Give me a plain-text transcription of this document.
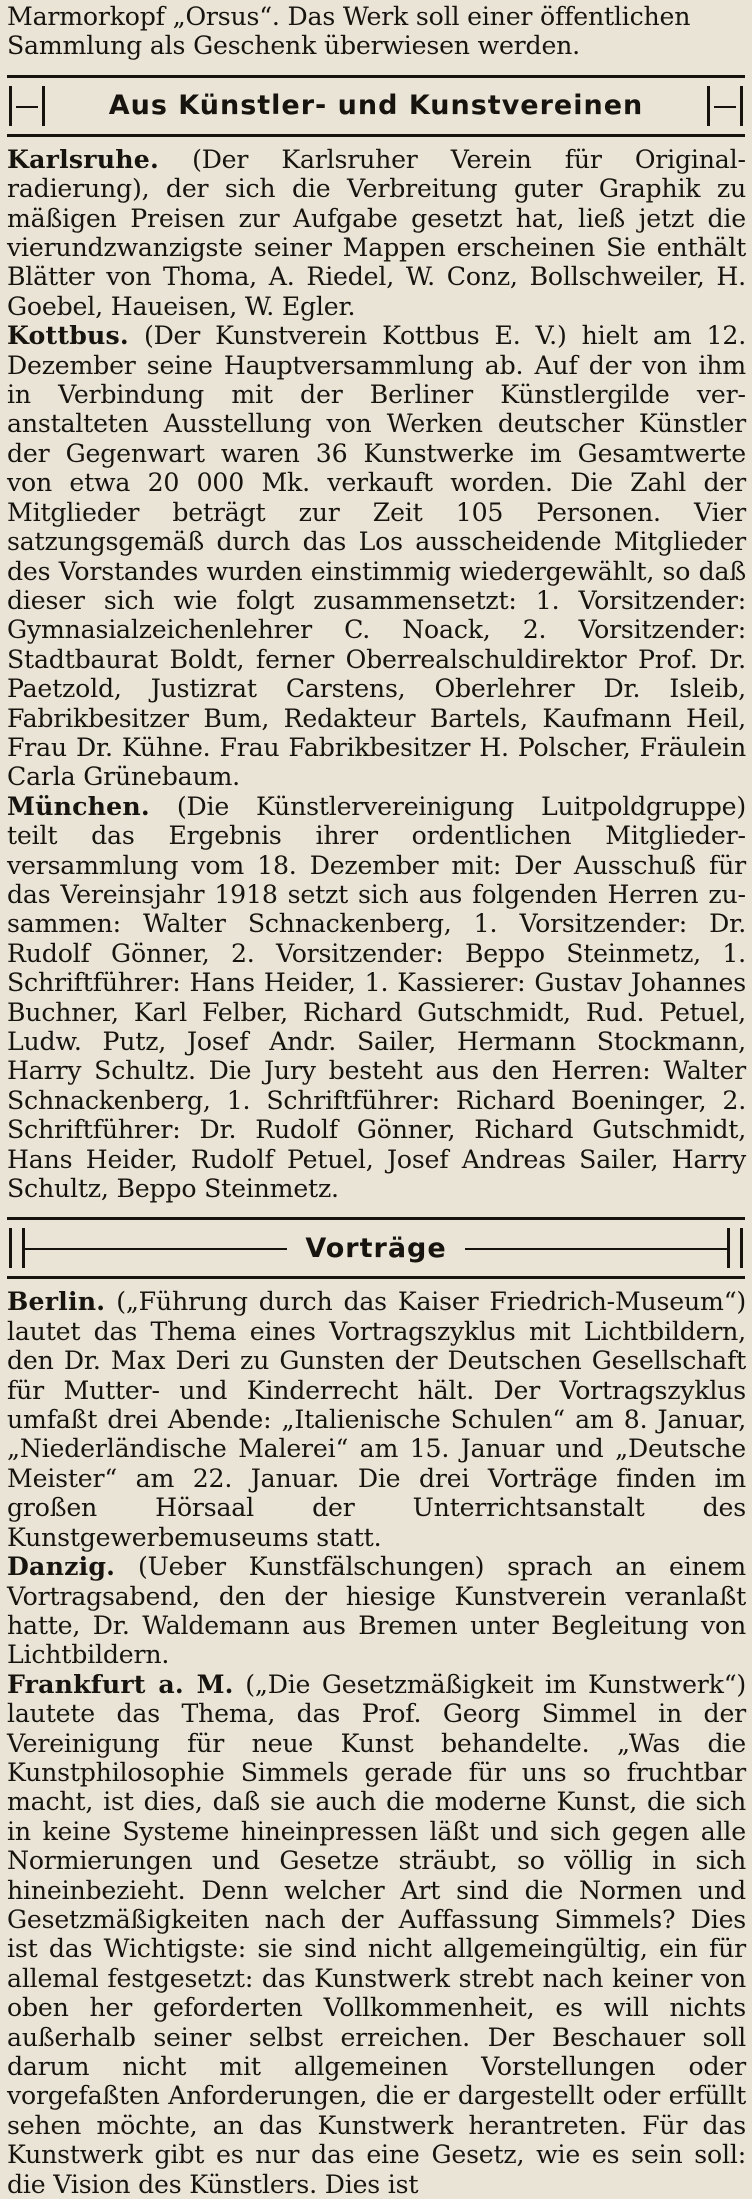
Marmorkopf „Orsus“. Das Werk soll einer öffentlichen
Sammlung als Geschenk überwiesen werden.

Aus Künstler- und Kunstvereinen

Karlsruhe. (Der Karlsruher Verein für Originalradierung), der sich die Verbreitung guter Graphik zu mäßigen Preisen zur Aufgabe gesetzt hat, ließ jetzt die vierundzwanzigste seiner Mappen erscheinen Sie enthält Blätter von Thoma, A. Riedel, W. Conz, Bollschweiler, H. Goebel, Haueisen, W. Egler.

Kottbus. (Der Kunstverein Kottbus E. V.) hielt am 12. Dezember seine Hauptversammlung ab. Auf der von ihm in Verbindung mit der Berliner Künstlergilde veranstalteten Ausstellung von Werken deutscher Künstler der Gegenwart waren 36 Kunstwerke im Gesamtwerte von etwa 20 000 Mk. verkauft worden. Die Zahl der Mitglieder beträgt zur Zeit 105 Personen. Vier satzungsgemäß durch das Los ausscheidende Mitglieder des Vorstandes wurden einstimmig wiedergewählt, so daß dieser sich wie folgt zusammensetzt: 1. Vorsitzender: Gymnasialzeichenlehrer C. Noack, 2. Vorsitzender: Stadtbaurat Boldt, ferner Oberrealschuldirektor Prof. Dr. Paetzold, Justizrat Carstens, Oberlehrer Dr. Isleib, Fabrikbesitzer Bum, Redakteur Bartels, Kaufmann Heil, Frau Dr. Kühne. Frau Fabrikbesitzer H. Polscher, Fräulein Carla Grünebaum.

München. (Die Künstlervereinigung Luitpoldgruppe) teilt das Ergebnis ihrer ordentlichen Mitgliederversammlung vom 18. Dezember mit: Der Ausschuß für das Vereinsjahr 1918 setzt sich aus folgenden Herren zusammen: Walter Schnackenberg, 1. Vorsitzender: Dr. Rudolf Gönner, 2. Vorsitzender: Beppo Steinmetz, 1. Schriftführer: Hans Heider, 1. Kassierer: Gustav Johannes Buchner, Karl Felber, Richard Gutschmidt, Rud. Petuel, Ludw. Putz, Josef Andr. Sailer, Hermann Stockmann, Harry Schultz. Die Jury besteht aus den Herren: Walter Schnackenberg, 1. Schriftführer: Richard Boeninger, 2. Schriftführer: Dr. Rudolf Gönner, Richard Gutschmidt, Hans Heider, Rudolf Petuel, Josef Andreas Sailer, Harry Schultz, Beppo Steinmetz.

Vorträge

Berlin. („Führung durch das Kaiser Friedrich-Museum“) lautet das Thema eines Vortragszyklus mit Lichtbildern, den Dr. Max Deri zu Gunsten der Deutschen Gesellschaft für Mutter- und Kinderrecht hält. Der Vortragszyklus umfaßt drei Abende: „Italienische Schulen“ am 8. Januar, „Niederländische Malerei“ am 15. Januar und „Deutsche Meister“ am 22. Januar. Die drei Vorträge finden im großen Hörsaal der Unterrichtsanstalt des Kunstgewerbemuseums statt.

Danzig. (Ueber Kunstfälschungen) sprach an einem Vortragsabend, den der hiesige Kunstverein veranlaßt hatte, Dr. Waldemann aus Bremen unter Begleitung von Lichtbildern.

Frankfurt a. M. („Die Gesetzmäßigkeit im Kunstwerk“) lautete das Thema, das Prof. Georg Simmel in der Vereinigung für neue Kunst behandelte. „Was die Kunstphilosophie Simmels gerade für uns so fruchtbar macht, ist dies, daß sie auch die moderne Kunst, die sich in keine Systeme hineinpressen läßt und sich gegen alle Normierungen und Gesetze sträubt, so völlig in sich hineinbezieht. Denn welcher Art sind die Normen und Gesetzmäßigkeiten nach der Auffassung Simmels? Dies ist das Wichtigste: sie sind nicht allgemeingültig, ein für allemal festgesetzt: das Kunstwerk strebt nach keiner von oben her geforderten Vollkommenheit, es will nichts außerhalb seiner selbst erreichen. Der Beschauer soll darum nicht mit allgemeinen Vorstellungen oder vorgefaßten Anforderungen, die er dargestellt oder erfüllt sehen möchte, an das Kunstwerk herantreten. Für das Kunstwerk gibt es nur das eine Gesetz, wie es sein soll: die Vision des Künstlers. Dies ist
